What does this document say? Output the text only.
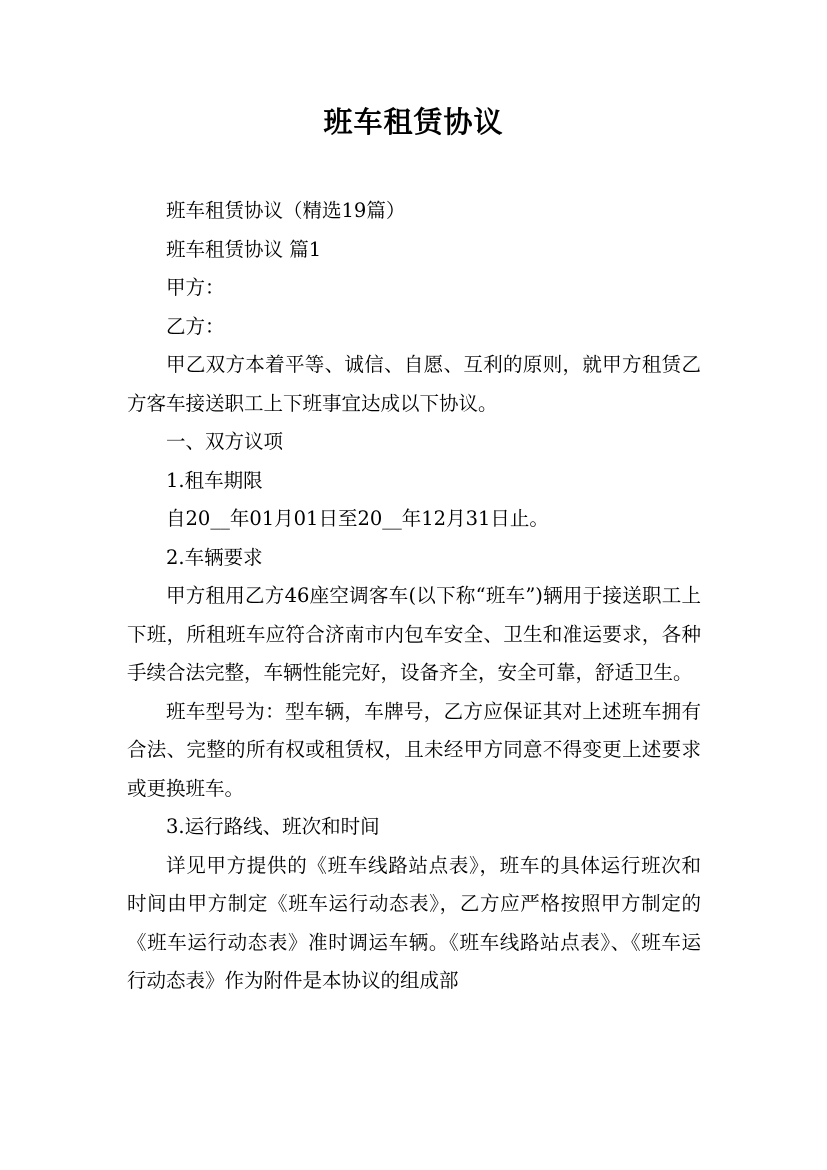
班车租赁协议

班车租赁协议（精选19篇）

班车租赁协议 篇1

甲方：

乙方：

甲乙双方本着平等、诚信、自愿、互利的原则，就甲方租赁乙方客车接送职工上下班事宜达成以下协议。

一、双方议项

1.租车期限

自20__年01月01日至20__年12月31日止。

2.车辆要求

甲方租用乙方46座空调客车(以下称“班车”)辆用于接送职工上下班，所租班车应符合济南市内包车安全、卫生和准运要求，各种手续合法完整，车辆性能完好，设备齐全，安全可靠，舒适卫生。

班车型号为：型车辆，车牌号，乙方应保证其对上述班车拥有合法、完整的所有权或租赁权，且未经甲方同意不得变更上述要求或更换班车。

3.运行路线、班次和时间

详见甲方提供的《班车线路站点表》，班车的具体运行班次和时间由甲方制定《班车运行动态表》，乙方应严格按照甲方制定的《班车运行动态表》准时调运车辆。《班车线路站点表》、《班车运行动态表》作为附件是本协议的组成部
